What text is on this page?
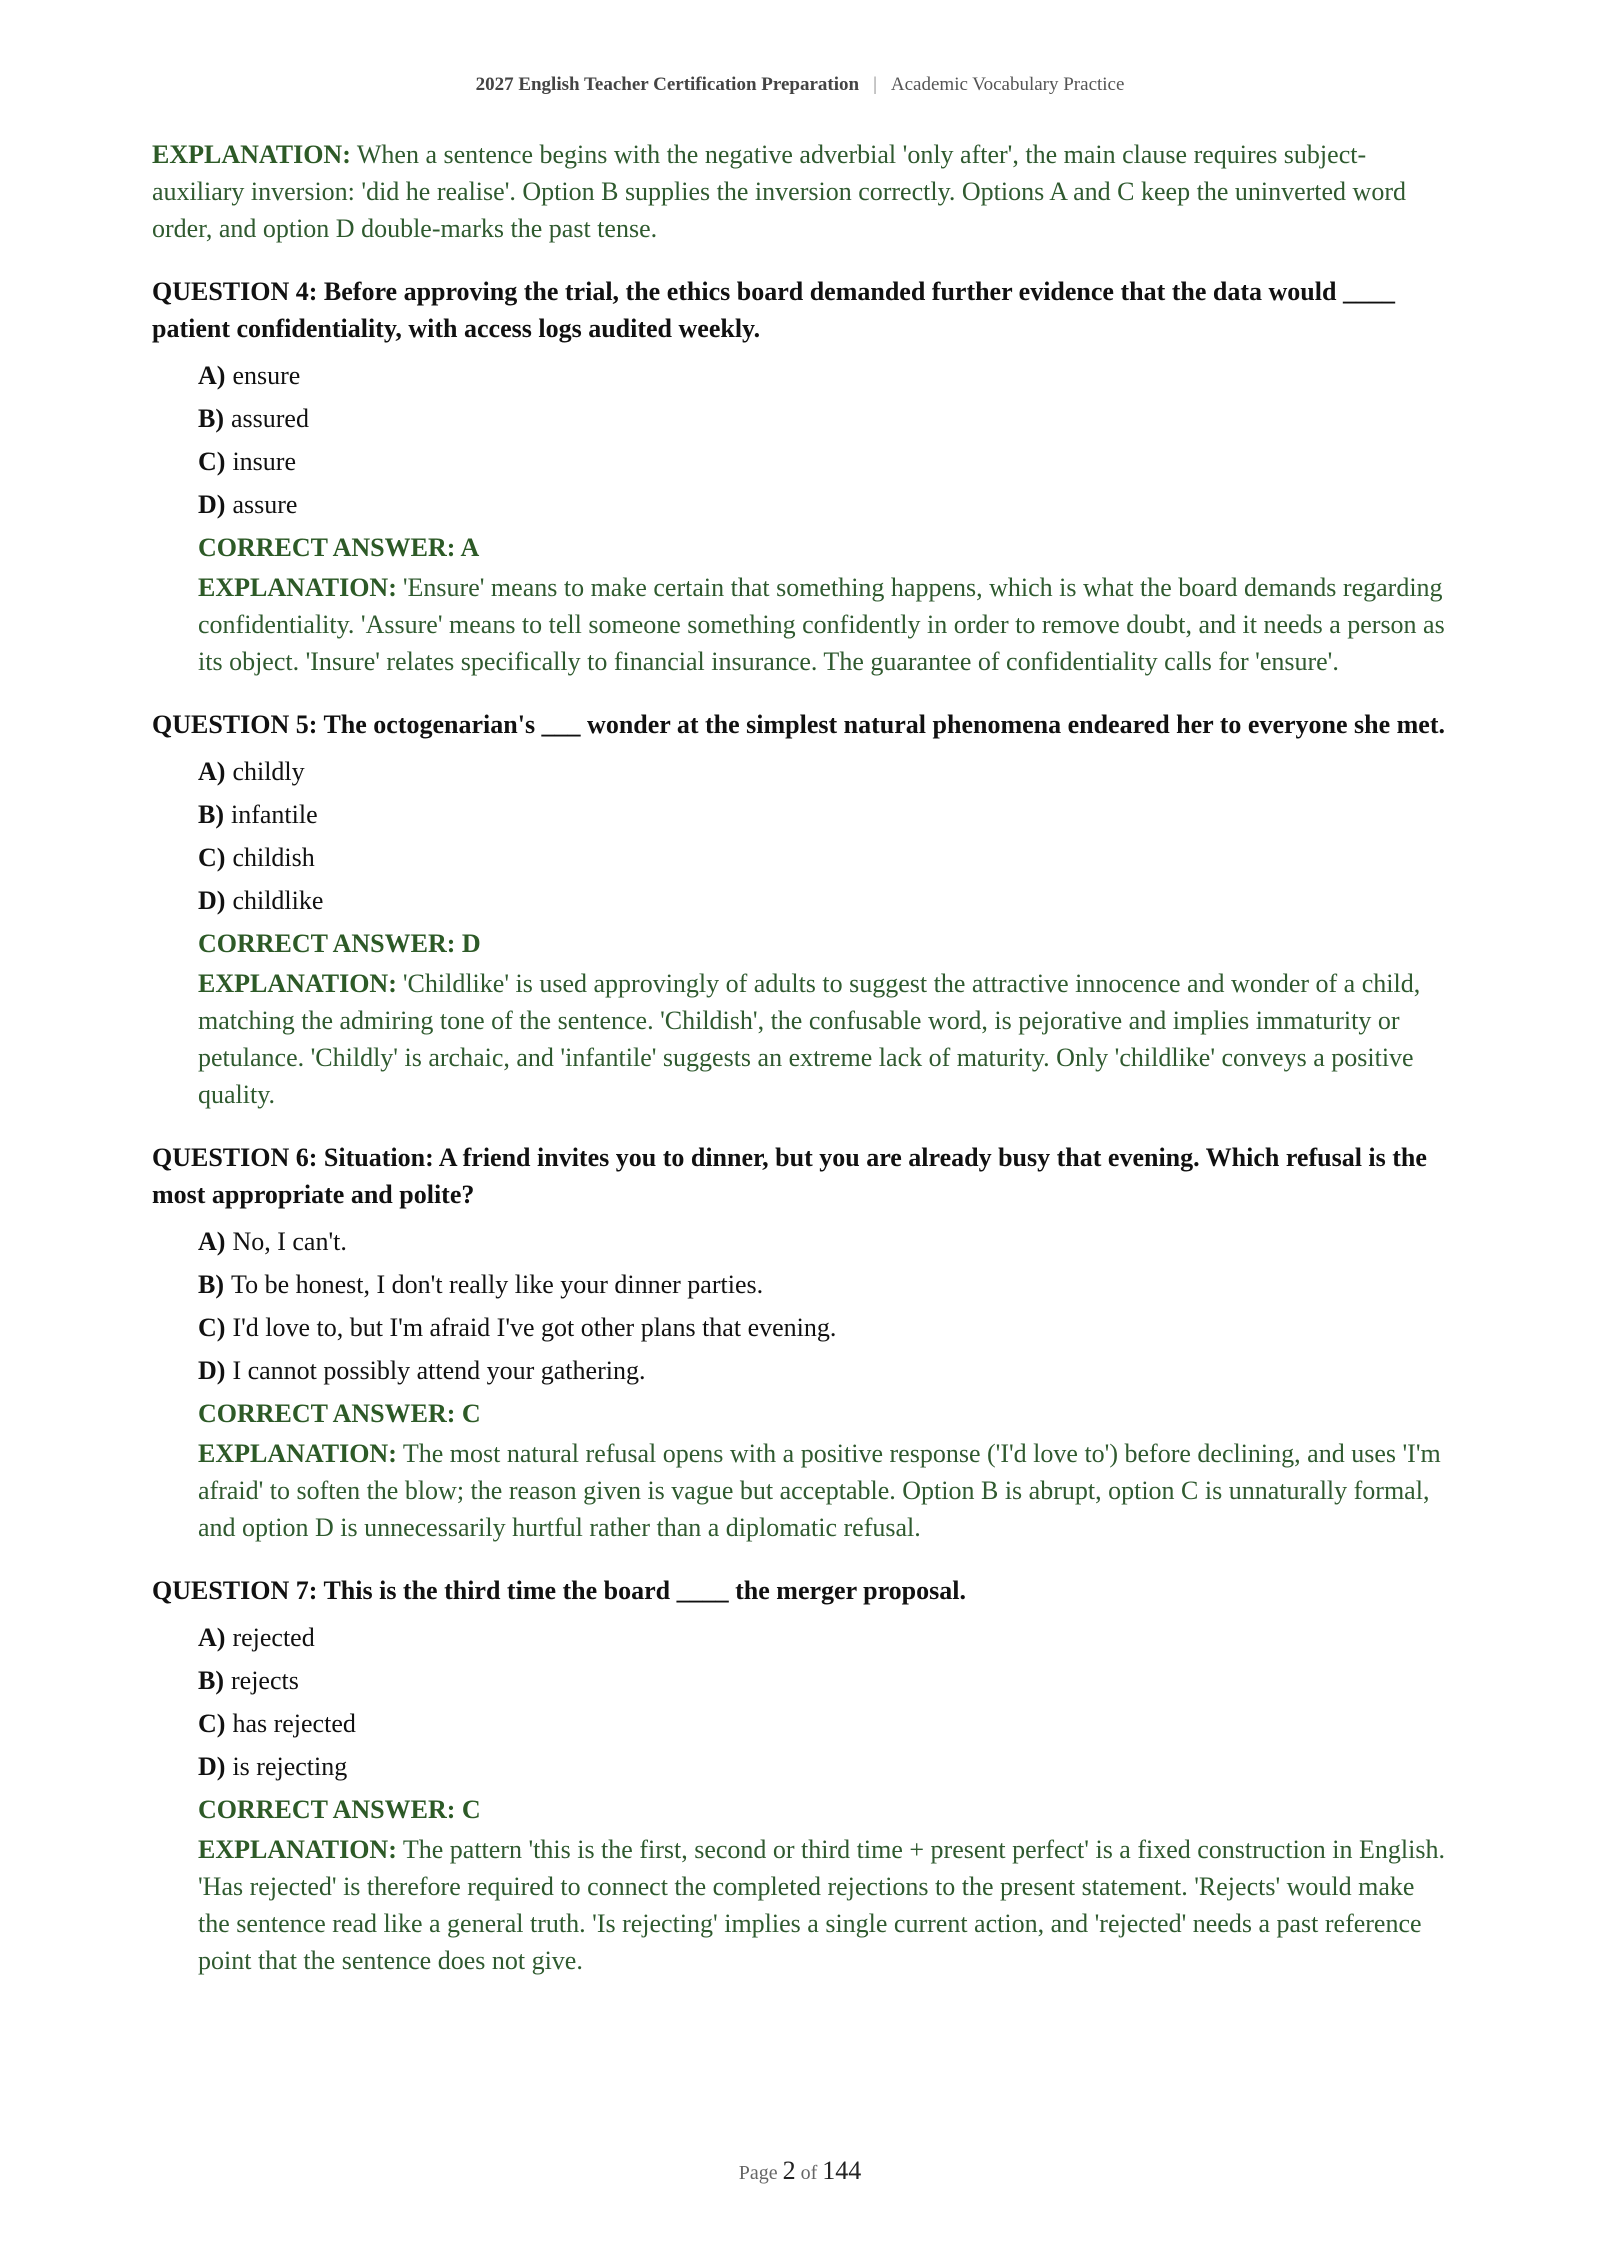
2027 English Teacher Certification Preparation | Academic Vocabulary Practice

EXPLANATION: When a sentence begins with the negative adverbial 'only after', the main clause requires subject-auxiliary inversion: 'did he realise'. Option B supplies the inversion correctly. Options A and C keep the uninverted word order, and option D double-marks the past tense.

QUESTION 4: Before approving the trial, the ethics board demanded further evidence that the data would ____ patient confidentiality, with access logs audited weekly.

A) ensure
B) assured
C) insure
D) assure

CORRECT ANSWER: A

EXPLANATION: 'Ensure' means to make certain that something happens, which is what the board demands regarding confidentiality. 'Assure' means to tell someone something confidently in order to remove doubt, and it needs a person as its object. 'Insure' relates specifically to financial insurance. The guarantee of confidentiality calls for 'ensure'.

QUESTION 5: The octogenarian's ___ wonder at the simplest natural phenomena endeared her to everyone she met.

A) childly
B) infantile
C) childish
D) childlike

CORRECT ANSWER: D

EXPLANATION: 'Childlike' is used approvingly of adults to suggest the attractive innocence and wonder of a child, matching the admiring tone of the sentence. 'Childish', the confusable word, is pejorative and implies immaturity or petulance. 'Childly' is archaic, and 'infantile' suggests an extreme lack of maturity. Only 'childlike' conveys a positive quality.

QUESTION 6: Situation: A friend invites you to dinner, but you are already busy that evening. Which refusal is the most appropriate and polite?

A) No, I can't.
B) To be honest, I don't really like your dinner parties.
C) I'd love to, but I'm afraid I've got other plans that evening.
D) I cannot possibly attend your gathering.

CORRECT ANSWER: C

EXPLANATION: The most natural refusal opens with a positive response ('I'd love to') before declining, and uses 'I'm afraid' to soften the blow; the reason given is vague but acceptable. Option B is abrupt, option C is unnaturally formal, and option D is unnecessarily hurtful rather than a diplomatic refusal.

QUESTION 7: This is the third time the board ____ the merger proposal.

A) rejected
B) rejects
C) has rejected
D) is rejecting

CORRECT ANSWER: C

EXPLANATION: The pattern 'this is the first, second or third time + present perfect' is a fixed construction in English. 'Has rejected' is therefore required to connect the completed rejections to the present statement. 'Rejects' would make the sentence read like a general truth. 'Is rejecting' implies a single current action, and 'rejected' needs a past reference point that the sentence does not give.

Page 2 of 144
